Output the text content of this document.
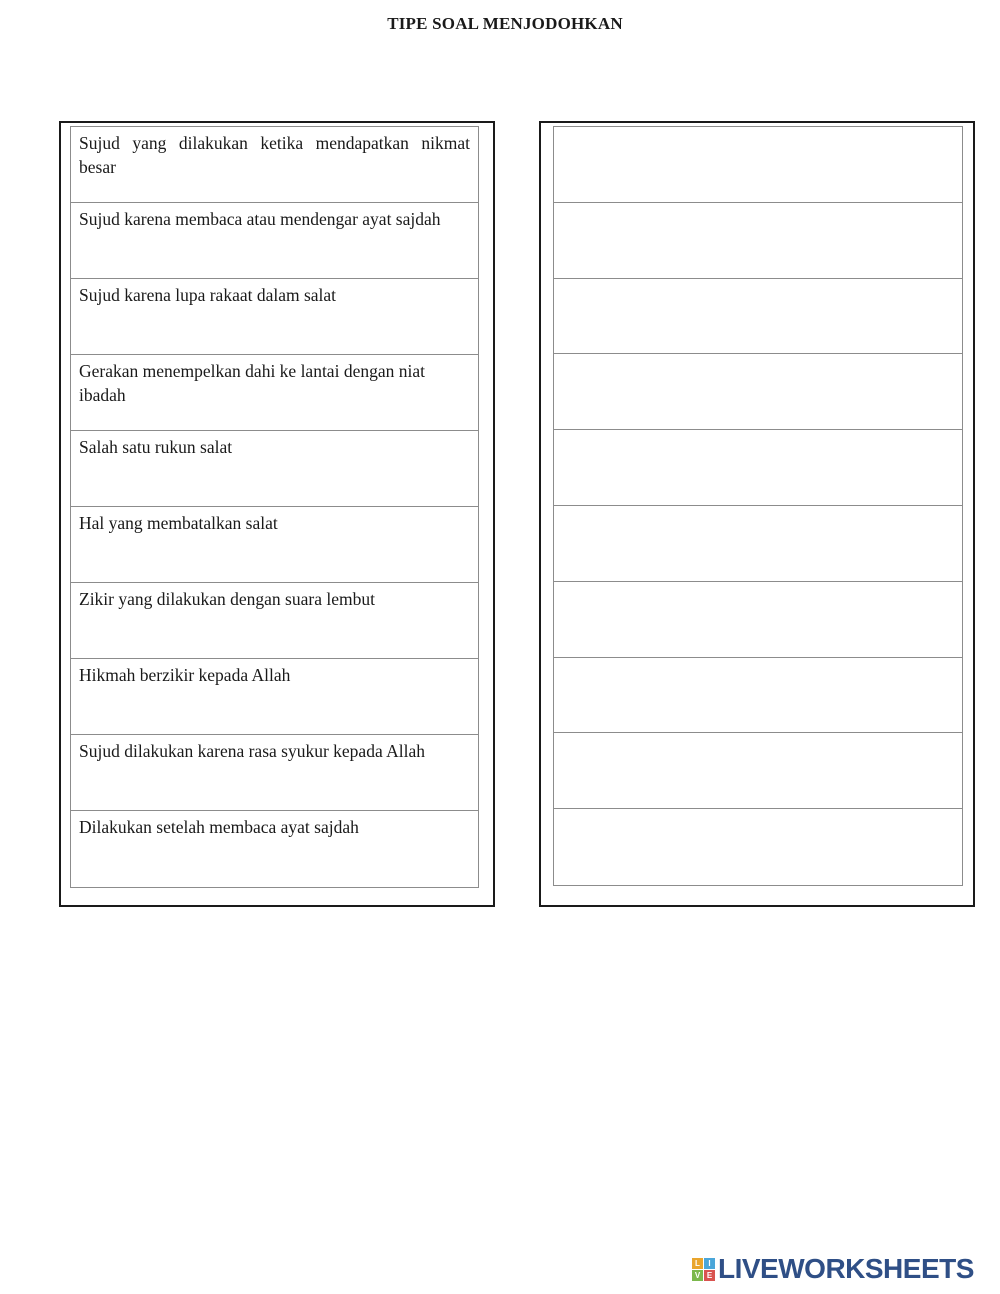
TIPE SOAL MENJODOHKAN
Sujud yang dilakukan ketika mendapatkan nikmat besar
Sujud karena membaca atau mendengar ayat sajdah
Sujud karena lupa rakaat dalam salat
Gerakan menempelkan dahi ke lantai dengan niat ibadah
Salah satu rukun salat
Hal yang membatalkan salat
Zikir yang dilakukan dengan suara lembut
Hikmah berzikir kepada Allah
Sujud dilakukan karena rasa syukur kepada Allah
Dilakukan setelah membaca ayat sajdah
L	I
V E LIVEWORKSHEETS
